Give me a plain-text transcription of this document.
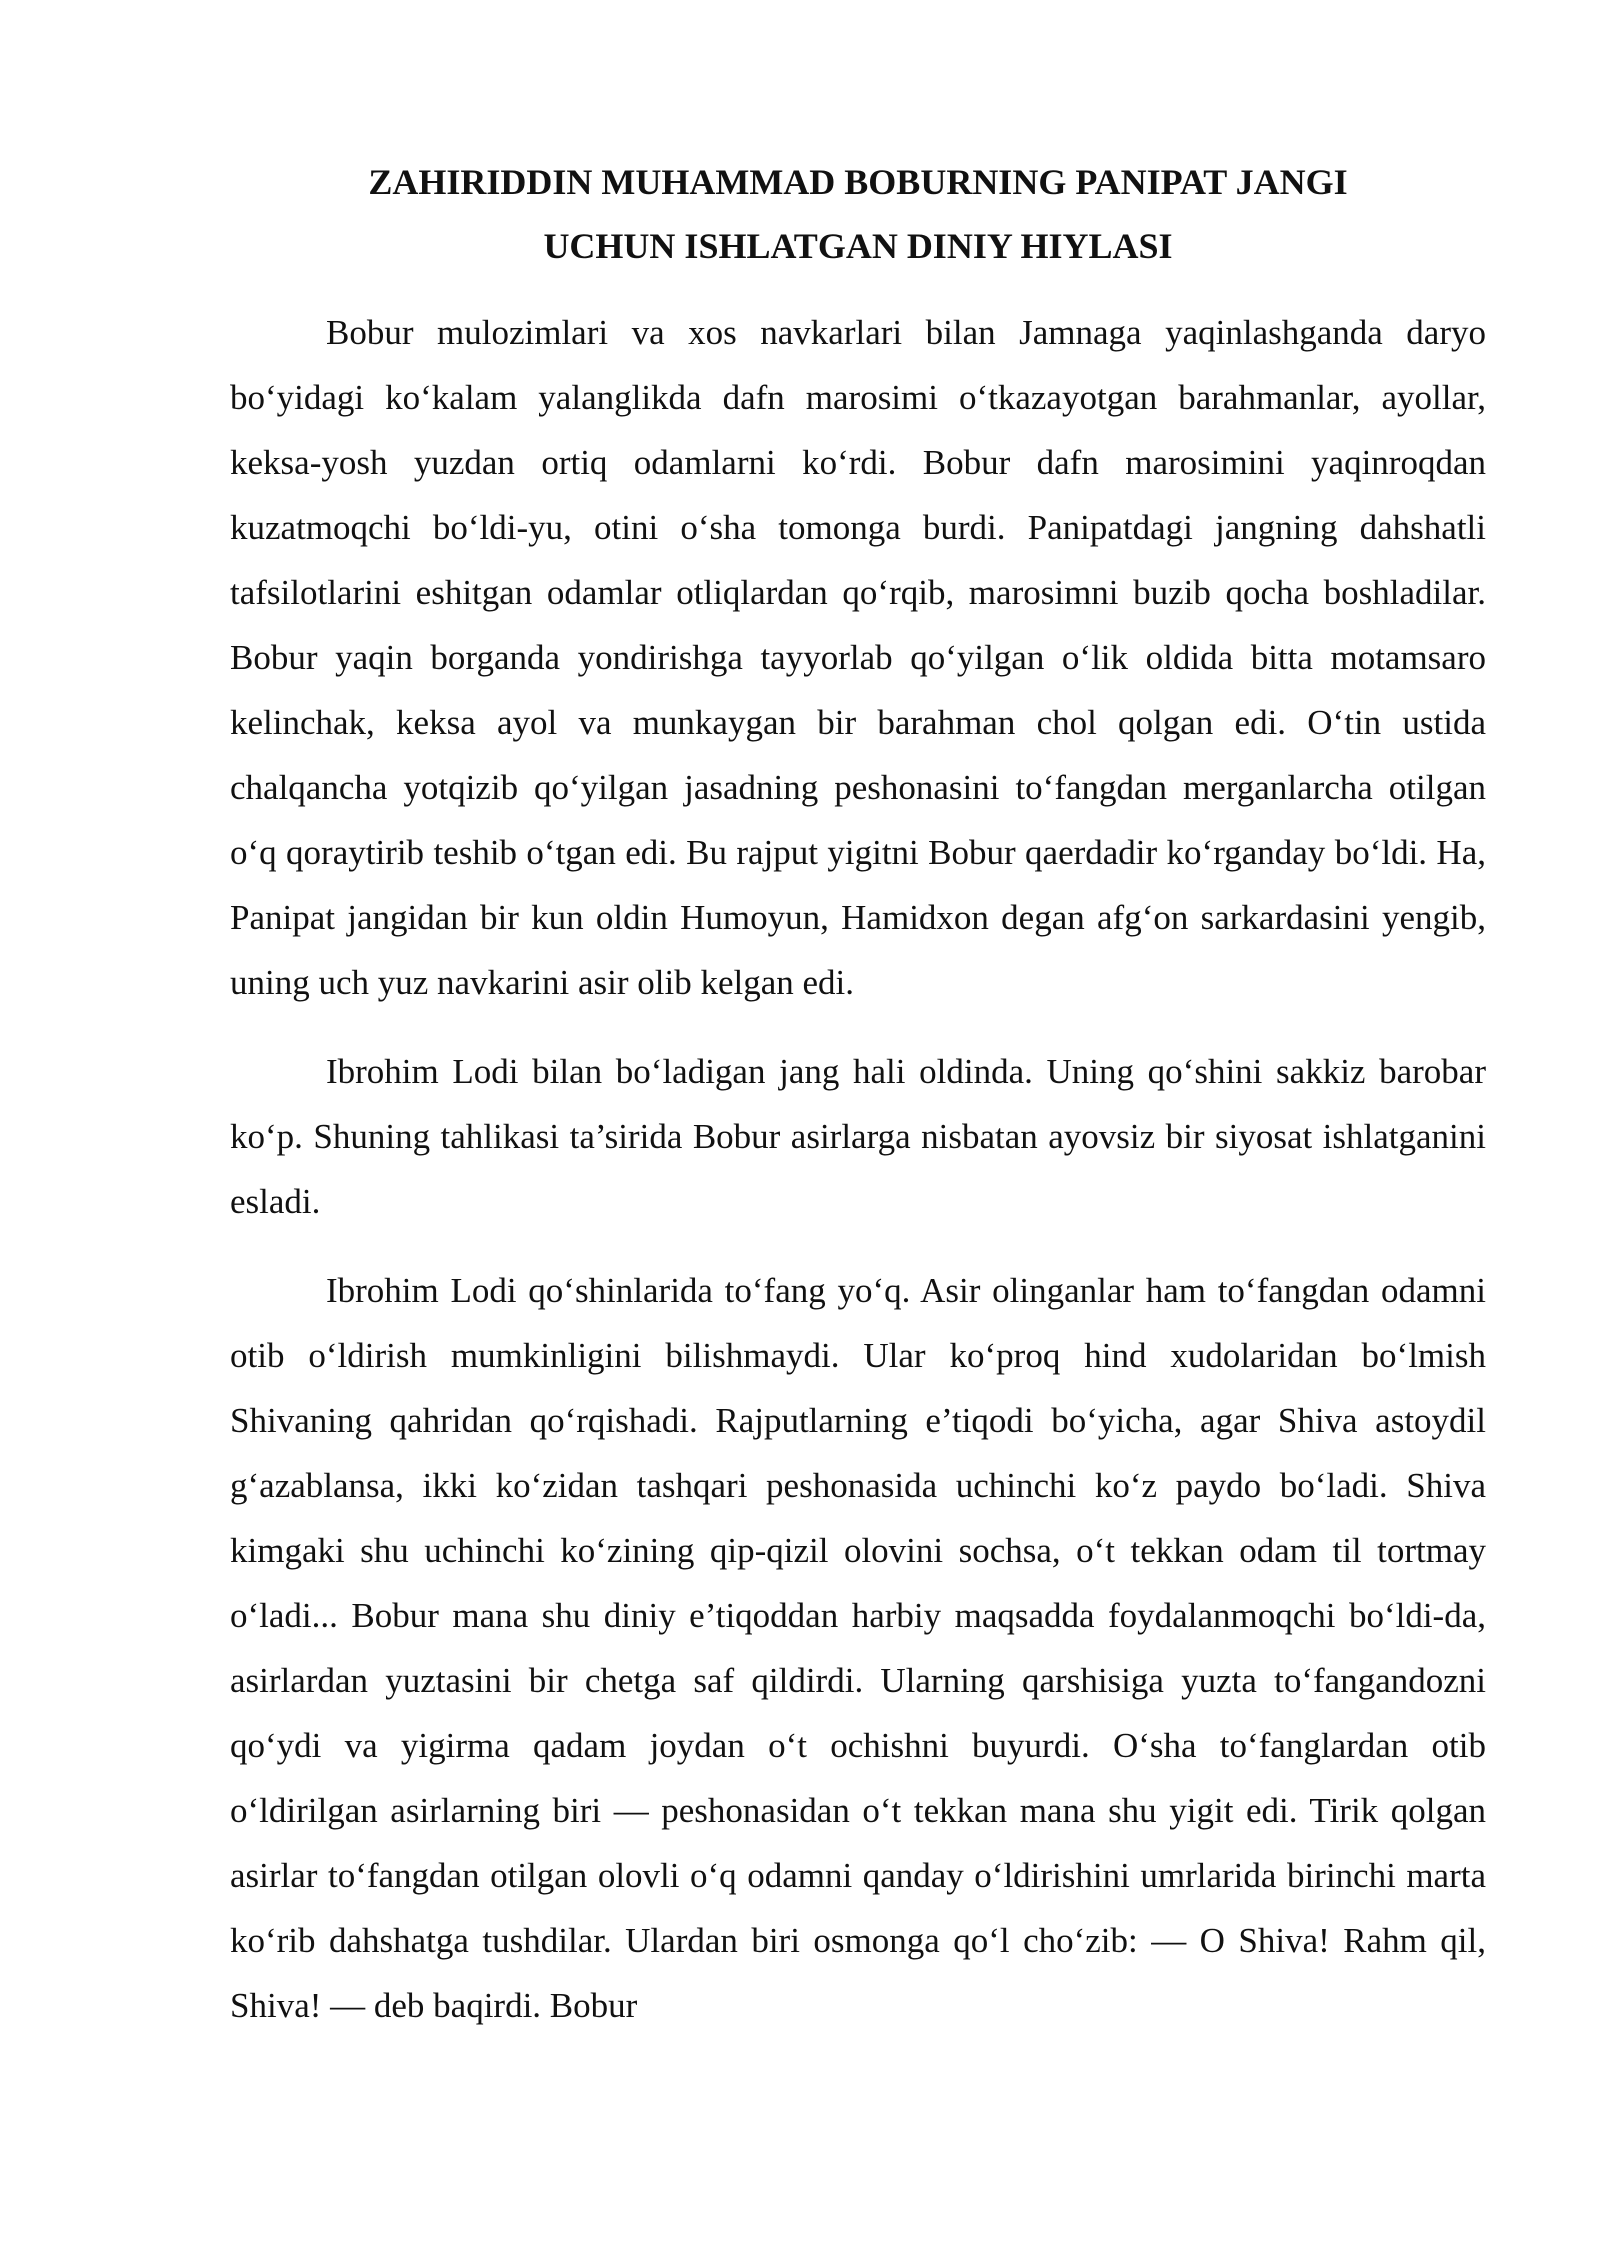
ZAHIRIDDIN MUHAMMAD BOBURNING PANIPAT JANGI
UCHUN ISHLATGAN DINIY HIYLASI

Bobur mulozimlari va xos navkarlari bilan Jamnaga yaqinlashganda daryo bo‘yidagi ko‘kalam yalanglikda dafn marosimi o‘tkazayotgan barahmanlar, ayollar, keksa-yosh yuzdan ortiq odamlarni ko‘rdi. Bobur dafn marosimini yaqinroqdan kuzatmoqchi bo‘ldi-yu, otini o‘sha tomonga burdi. Panipatdagi jangning dahshatli tafsilotlarini eshitgan odamlar otliqlardan qo‘rqib, marosimni buzib qocha boshladilar. Bobur yaqin borganda yondirishga tayyorlab qo‘yilgan o‘lik oldida bitta motamsaro kelinchak, keksa ayol va munkaygan bir barahman chol qolgan edi. O‘tin ustida chalqancha yotqizib qo‘yilgan jasadning peshonasini to‘fangdan merganlarcha otilgan o‘q qoraytirib teshib o‘tgan edi. Bu rajput yigitni Bobur qaerdadir ko‘rganday bo‘ldi. Ha, Panipat jangidan bir kun oldin Humoyun, Hamidxon degan afg‘on sarkardasini yengib, uning uch yuz navkarini asir olib kelgan edi.

Ibrohim Lodi bilan bo‘ladigan jang hali oldinda. Uning qo‘shini sakkiz barobar ko‘p. Shuning tahlikasi ta’sirida Bobur asirlarga nisbatan ayovsiz bir siyosat ishlatganini esladi.

Ibrohim Lodi qo‘shinlarida to‘fang yo‘q. Asir olinganlar ham to‘fangdan odamni otib o‘ldirish mumkinligini bilishmaydi. Ular ko‘proq hind xudolaridan bo‘lmish Shivaning qahridan qo‘rqishadi. Rajputlarning e’tiqodi bo‘yicha, agar Shiva astoydil g‘azablansa, ikki ko‘zidan tashqari peshonasida uchinchi ko‘z paydo bo‘ladi. Shiva kimgaki shu uchinchi ko‘zining qip-qizil olovini sochsa, o‘t tekkan odam til tortmay o‘ladi... Bobur mana shu diniy e’tiqoddan harbiy maqsadda foydalanmoqchi bo‘ldi-da, asirlardan yuztasini bir chetga saf qildirdi. Ularning qarshisiga yuzta to‘fangandozni qo‘ydi va yigirma qadam joydan o‘t ochishni buyurdi. O‘sha to‘fanglardan otib o‘ldirilgan asirlarning biri — peshonasidan o‘t tekkan mana shu yigit edi. Tirik qolgan asirlar to‘fangdan otilgan olovli o‘q odamni qanday o‘ldirishini umrlarida birinchi marta ko‘rib dahshatga tushdilar. Ulardan biri osmonga qo‘l cho‘zib: — O Shiva! Rahm qil, Shiva! — deb baqirdi. Bobur
